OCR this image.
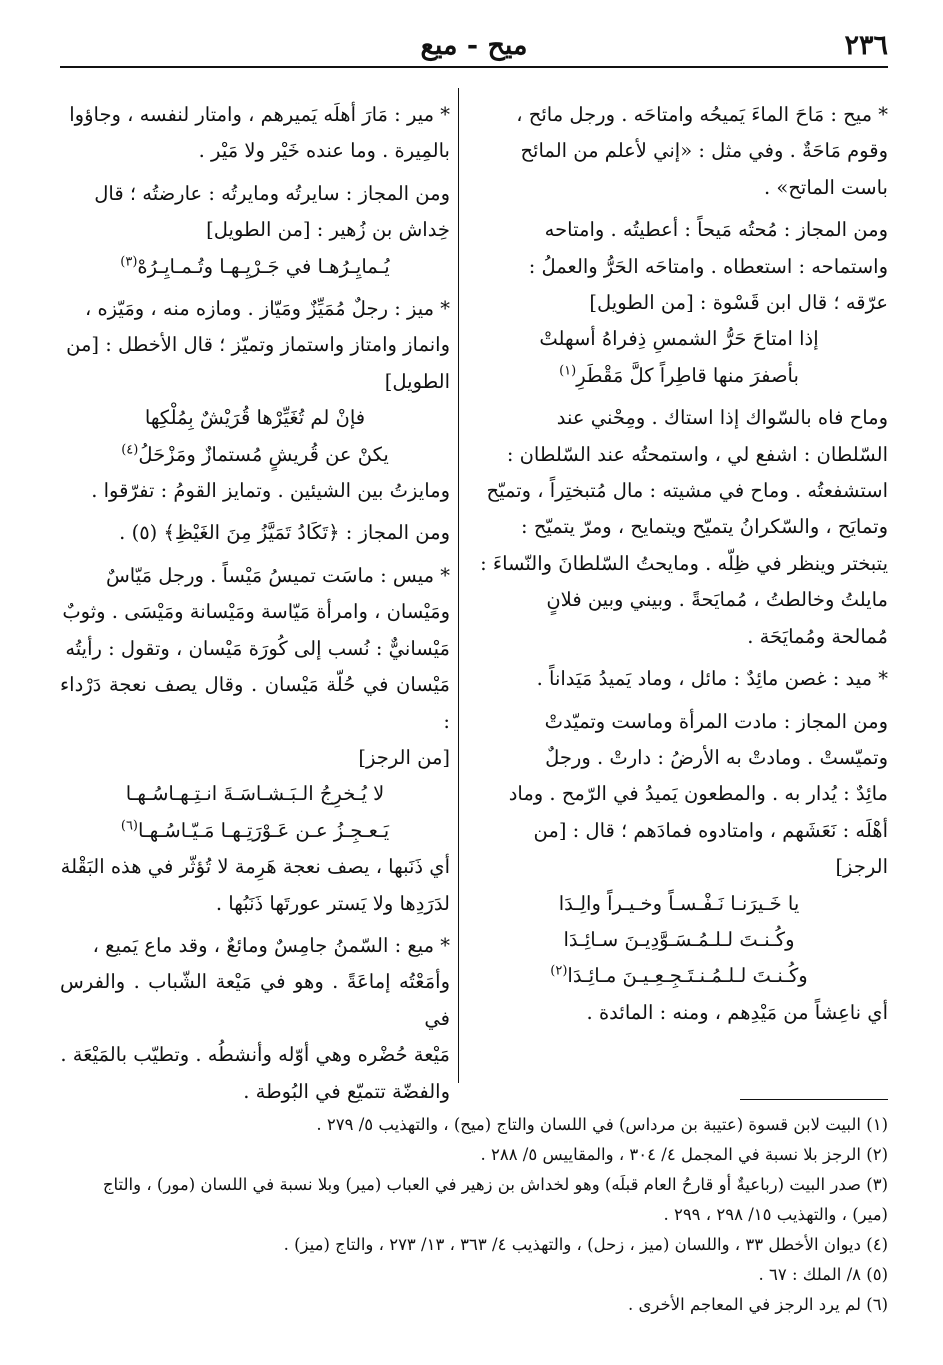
٢٣٦
ميح - ميع

* ميح : مَاحَ الماءَ يَميحُه وامتاحَه . ورجل مائح ،

وقوم مَاحَةٌ . وفي مثل : «إني لأعلم من المائح

باست الماتح» .

ومن المجاز : مُحتُه مَيحاً : أعطيتُه . وامتاحه

واستماحه : استعطاه . وامتاحَه الحَرُّ والعملُ :

عرّقه ؛ قال ابن قَسْوة : [من الطويل]

إذا امتاحَ حَرُّ الشمسِ ذِفراهُ أسهلتْ

بأصفرَ منها قاطِراً كلَّ مَقْطَرِ$^{(١)}$

وماح فاه بالسّواك إذا استاك . ومِحْني عند

السّلطان : اشفع لي ، واستمحتُه عند السّلطان :

استشفعتُه . وماح في مشيته : مال مُتبختِراً ، وتميّح

وتمايَح ، والسّكرانُ يتميّح ويتمايح ، ومرّ يتميّح :

يتبختر وينظر في ظِلّه . ومايحتُ السّلطانَ والنّساءَ :

مايلتُ وخالطتُ ، مُمايَحةً . وبيني وبين فلانٍ

مُمالحة ومُمايَحَة .

* ميد : غصن مائِدٌ : مائل ، وماد يَميدُ مَيَداناً .

ومن المجاز : مادت المرأة وماست وتميّدتْ

وتميّستْ . ومادتْ به الأرضُ : دارتْ . ورجلٌ

مائِدٌ : يُدار به . والمطعون يَميدُ في الرّمح . وماد

أهْلَه : نَعَشَهم ، وامتادوه فمادَهم ؛ قال : [من

الرجز]

يا خَـيرَنـا نَـفْـسـاً وخـيـراً والِـدَا

وكُـنـتَ لـلـمُـسَـوَّدِيـنَ سـائِـدَا

وكُـنـتَ لـلـمُـنـتَـجِـعِـيـنَ مـائِـدَا$^{(٢)}$

أي ناعِشاً من مَيْدِهم ، ومنه : المائدة .

* مير : مَارَ أهلَه يَميرهم ، وامتار لنفسه ، وجاؤوا

بالمِيرة . وما عنده خَيْر ولا مَيْر .

ومن المجاز : سايرتُه ومايرتُه : عارضتُه ؛ قال

خِداش بن زُهير : [من الطويل]

يُـمايِـرُهـا في جَـرْيِـهـا وتُـمـايِـرُهْ$^{(٣)}$

* ميز : رجلٌ مُمَيِّزٌ ومَيّاز . ومازه منه ، ومَيّزه ،

وانماز وامتاز واستماز وتميّز ؛ قال الأخطل : [من

الطويل]

فإنْ لم تُغَيِّرْها قُرَيْشٌ بِمُلْكِها

يكنْ عن قُريشٍ مُستمازٌ ومَزْحَلُ$^{(٤)}$

ومايزتُ بين الشيئين . وتمايز القومُ : تفرّقوا .

ومن المجاز : ﴿تَكَادُ تَمَيَّزُ مِنَ الغَيْظِ﴾ (٥) .

* ميس : ماسَت تميسُ مَيْساً . ورجل مَيّاسٌ

ومَيْسان ، وامرأة مَيّاسة ومَيْسانة ومَيْسَى . وثوبٌ

مَيْسانيٌّ : نُسب إلى كُورَة مَيْسان ، وتقول : رأيتُه

مَيْسان في حُلّة مَيْسان . وقال يصف نعجة دَرْداء :

[من الرجز]

لا يُـخرِجُ الـبَـشـاسَـةَ انـتِـهـاسُـهـا

يَـعـجِـزُ عـن عَـوْرَتِـهـا مَـيّـاسُـهـا$^{(٦)}$

أي ذَنَبها ، يصف نعجة هَرِمة لا تُؤثّر في هذه البَقْلة

لدَرَدِها ولا يَستر عورتَها ذَنَبُها .

* ميع : السّمنُ جامِسٌ ومائعٌ ، وقد ماع يَميع ،

وأمَعْتُه إماعَةً . وهو في مَيْعة الشّباب . والفرس في

مَيْعة حُضْره وهي أوّله وأنشطُه . وتطيّب بالمَيْعَة .

والفضّة تتميّع في البُوطة .

(١) البيت لابن قسوة (عتيبة بن مرداس) في اللسان والتاج (ميح) ، والتهذيب ٥/ ٢٧٩ .

(٢) الرجز بلا نسبة في المجمل ٤/ ٣٠٤ ، والمقاييس ٥/ ٢٨٨ .

(٣) صدر البيت (رباعيةٌ أو قارحُ العام قبلَه) وهو لخداش بن زهير في العباب (مير) وبلا نسبة في اللسان (مور) ، والتاج

(مير) ، والتهذيب ١٥/ ٢٩٨ ، ٢٩٩ .

(٤) ديوان الأخطل ٣٣ ، واللسان (ميز ، زحل) ، والتهذيب ٤/ ٣٦٣ ، ١٣/ ٢٧٣ ، والتاج (ميز) .

(٥) ٨/ الملك : ٦٧ .

(٦) لم يرد الرجز في المعاجم الأخرى .
